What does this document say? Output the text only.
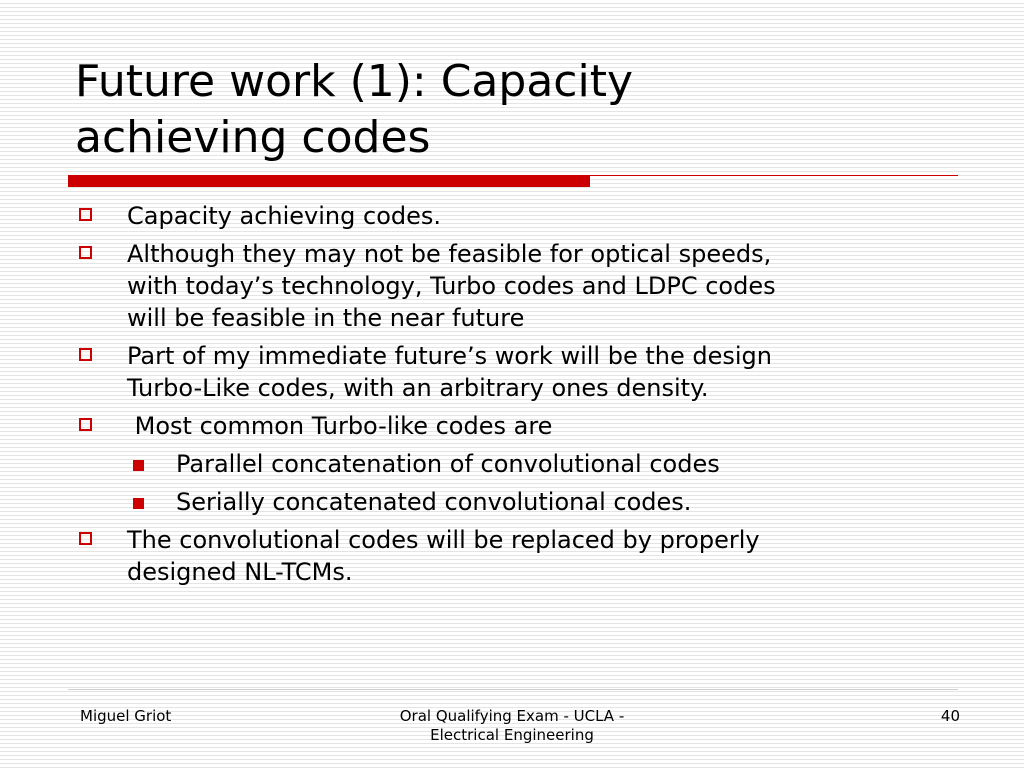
Future work (1): Capacity
achieving codes
Capacity achieving codes.
Although they may not be feasible for optical speeds,
with today’s technology, Turbo codes and LDPC codes
will be feasible in the near future
Part of my immediate future’s work will be the design
Turbo-Like codes, with an arbitrary ones density.
Most common Turbo-like codes are
Parallel concatenation of convolutional codes
Serially concatenated convolutional codes.
The convolutional codes will be replaced by properly
designed NL-TCMs.
Miguel Griot	Oral Qualifying Exam - UCLA -
Electrical Engineering
40
